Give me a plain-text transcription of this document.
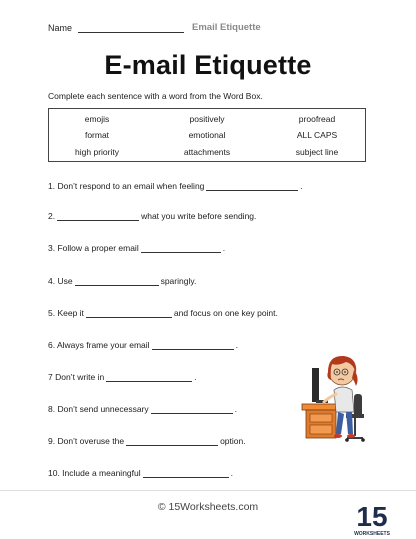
Name	Email Etiquette
E-mail Etiquette
Complete each sentence with a word from the Word Box.
emojis	positively	proofread
format	emotional	ALL CAPS
high priority	attachments	subject line
1. Don’t respond to an email when feeling	.
2.	what you write before sending.
3. Follow a proper email	.
4. Use	sparingly.
5. Keep it	and focus on one key point.
6. Always frame your email	.
7 Don’t write in	.
8. Don’t send unnecessary	.
9. Don’t overuse the	option.
10. Include a meaningful	.
© 15Worksheets.com	15
WORKSHEETS
